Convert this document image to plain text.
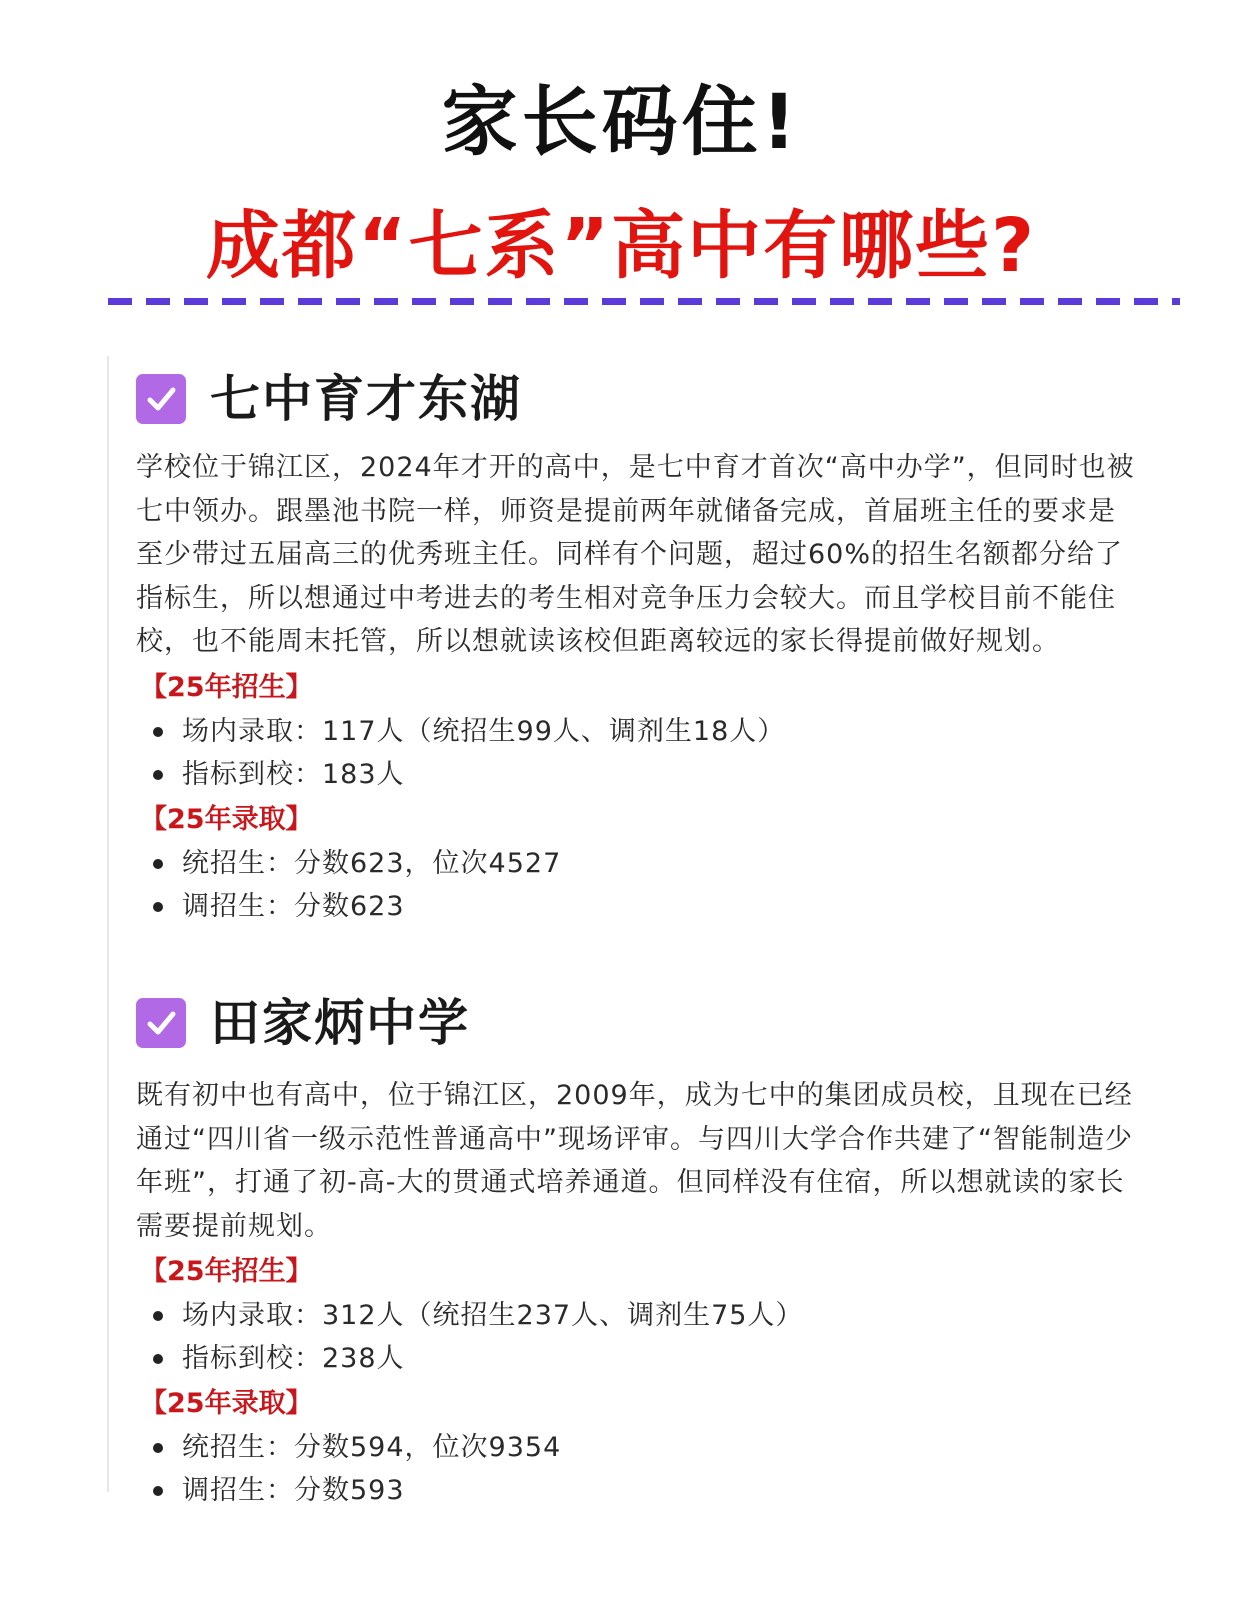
家长码住!
成都“七系”高中有哪些?
七中育才东湖

学校位于锦江区，2024年才开的高中，是七中育才首次“高中办学”，但同时也被七中领办。跟墨池书院一样，师资是提前两年就储备完成，首届班主任的要求是至少带过五届高三的优秀班主任。同样有个问题，超过60%的招生名额都分给了指标生，所以想通过中考进去的考生相对竞争压力会较大。而且学校目前不能住校，也不能周末托管，所以想就读该校但距离较远的家长得提前做好规划。

【25年招生】
场内录取：117人（统招生99人、调剂生18人）
指标到校：183人
【25年录取】
统招生：分数623，位次4527
调招生：分数623
田家炳中学

既有初中也有高中，位于锦江区，2009年，成为七中的集团成员校，且现在已经通过“四川省一级示范性普通高中”现场评审。与四川大学合作共建了“智能制造少年班”，打通了初-高-大的贯通式培养通道。但同样没有住宿，所以想就读的家长需要提前规划。

【25年招生】
场内录取：312人（统招生237人、调剂生75人）
指标到校：238人
【25年录取】
统招生：分数594，位次9354
调招生：分数593
